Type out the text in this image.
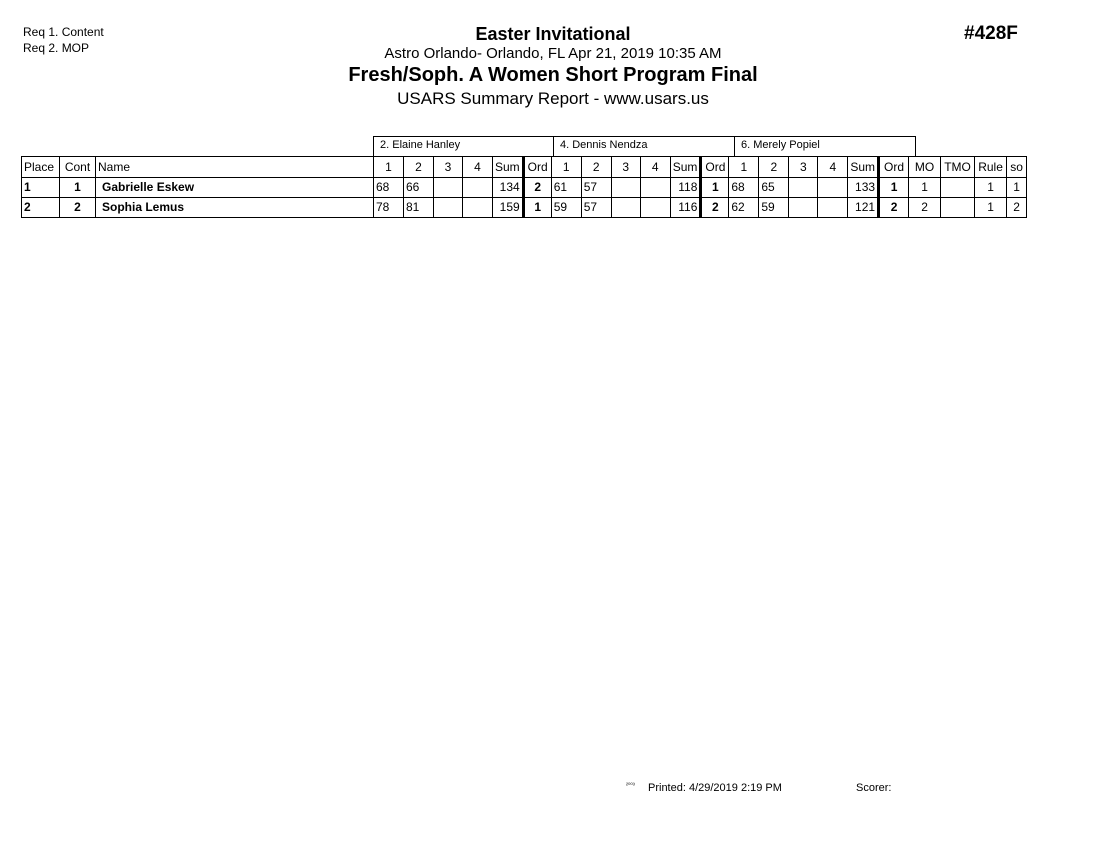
Req 1. Content
Req 2. MOP
#428F
Easter Invitational
Astro Orlando- Orlando, FL Apr 21, 2019 10:35 AM
Fresh/Soph. A Women Short Program Final
USARS Summary Report - www.usars.us
2. Elaine Hanley	4. Dennis Nendza	6. Merely Popiel
Place	Cont	Name	1	2	3	4	Sum	Ord	1	2	3	4	Sum	Ord	1	2	3	4	Sum	Ord	MO	TMO	Rule	so
1	1	Gabrielle Eskew	68	66			134	2	61	57			118	1	68	65			133	1	1		1	1
2	2	Sophia Lemus	78	81			159	1	59	57			116	2	62	59			121	2	2		1	2
²⁰⁰³ Printed: 4/29/2019 2:19 PM	Scorer:
